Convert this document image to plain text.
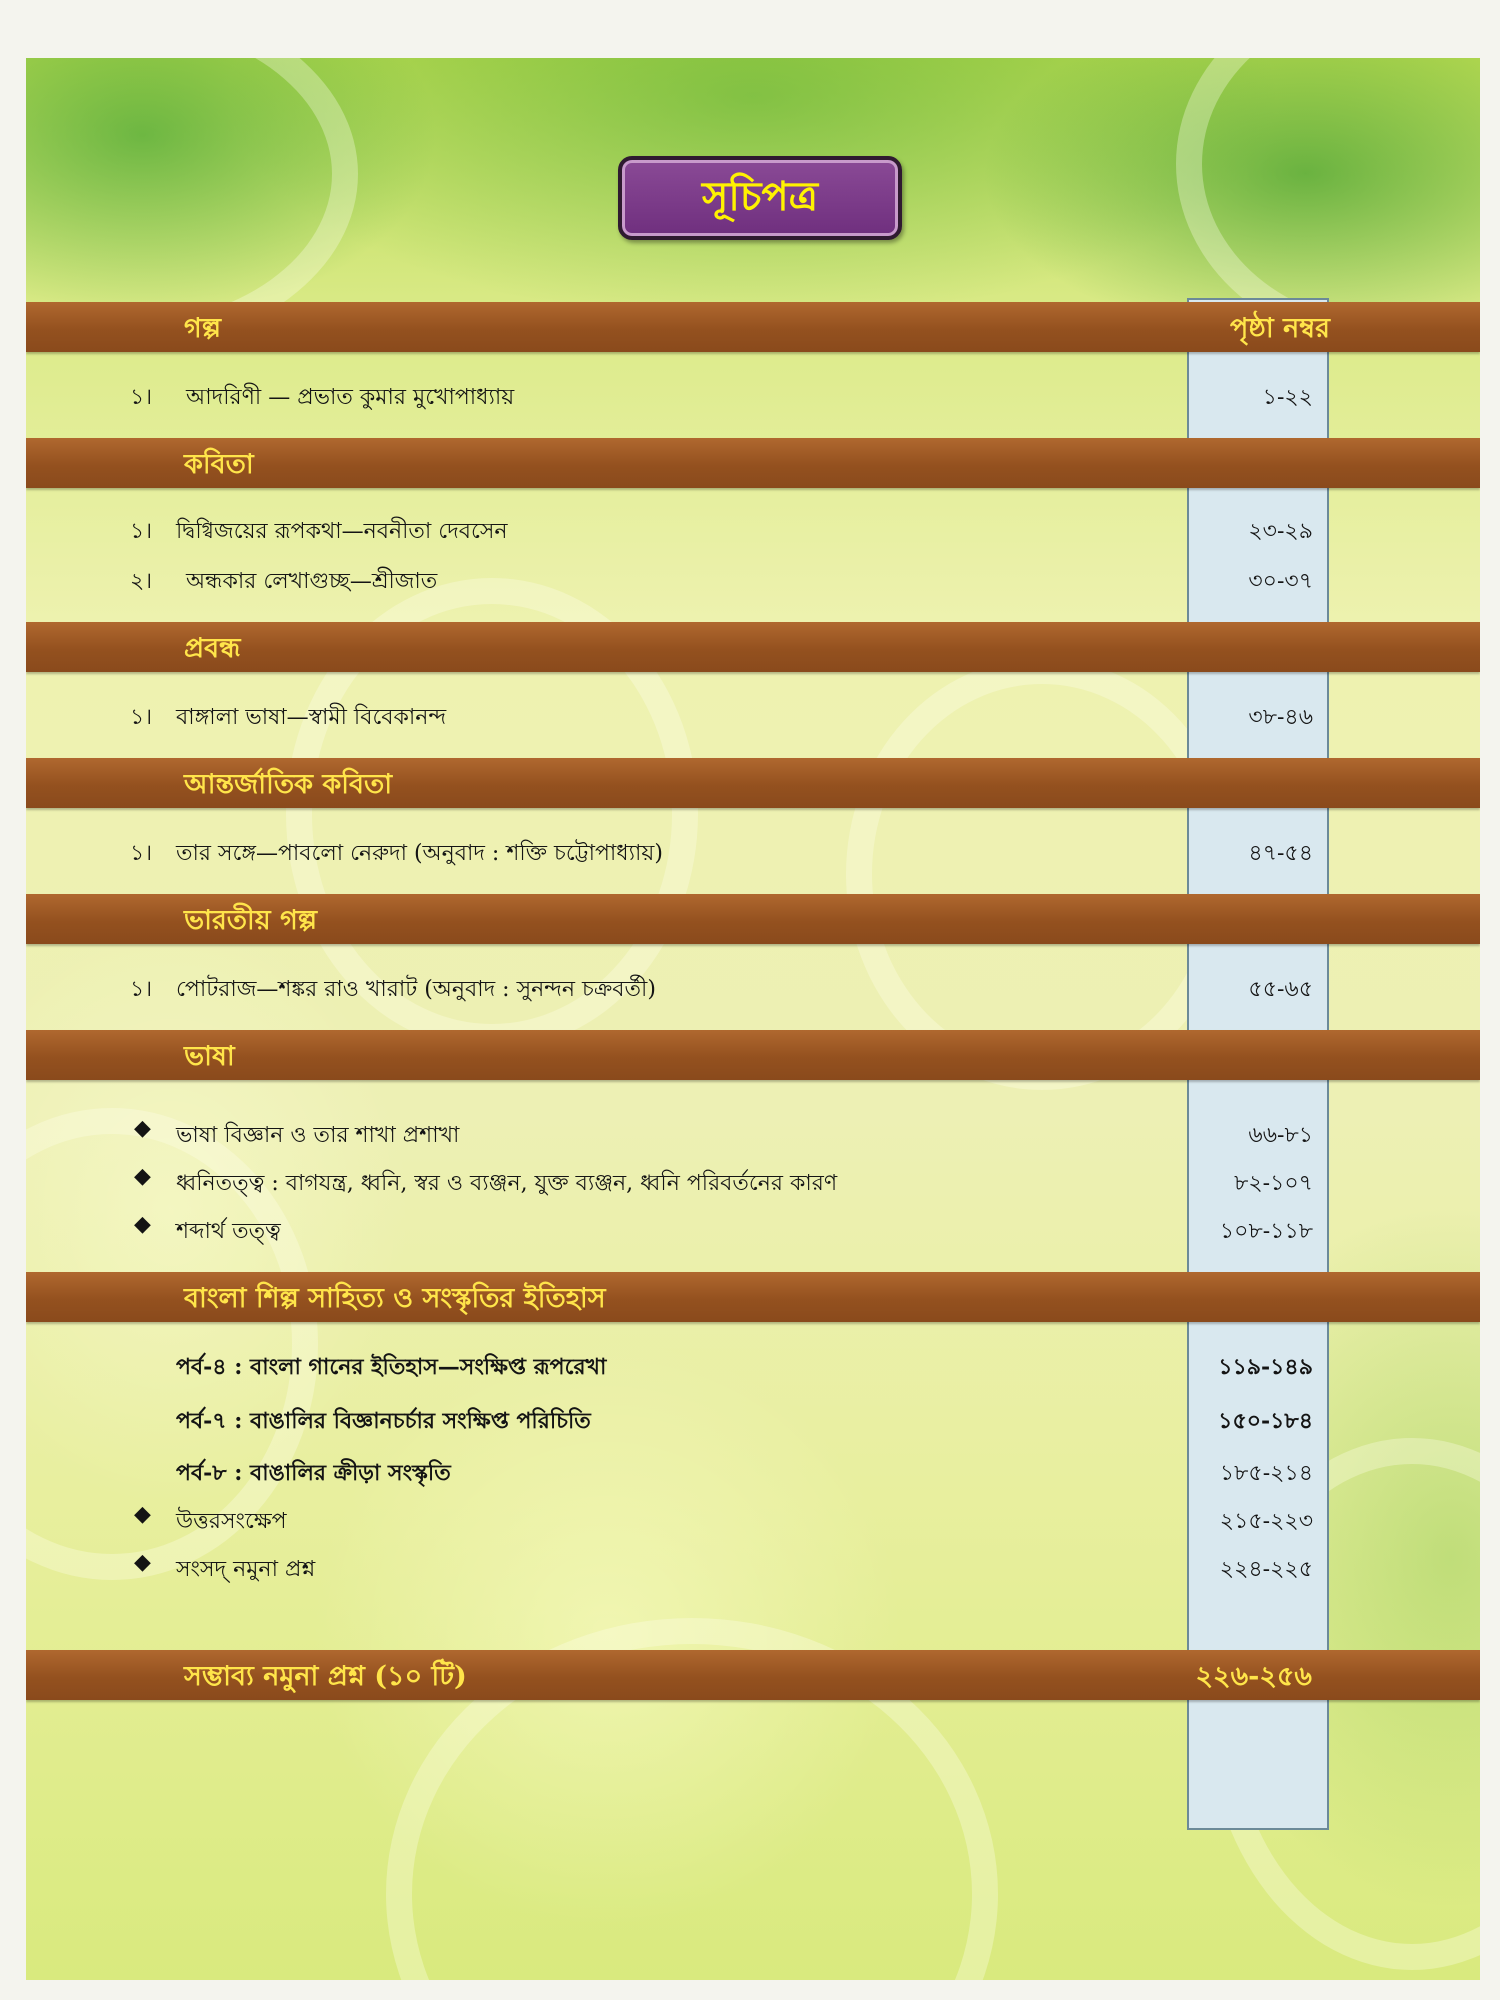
সূচিপত্র
গল্প	পৃষ্ঠা নম্বর
১। আদরিণী — প্রভাত কুমার মুখোপাধ্যায়	১-২২
কবিতা
১। দ্বিগ্বিজয়ের রূপকথা—নবনীতা দেবসেন	২৩-২৯
২। অন্ধকার লেখাগুচ্ছ—শ্রীজাত	৩০-৩৭
প্রবন্ধ
১। বাঙ্গালা ভাষা—স্বামী বিবেকানন্দ	৩৮-৪৬
আন্তর্জাতিক কবিতা
১। তার সঙ্গে—পাবলো নেরুদা (অনুবাদ : শক্তি চট্টোপাধ্যায়)	৪৭-৫৪
ভারতীয় গল্প
১। পোটরাজ—শঙ্কর রাও খারাট (অনুবাদ : সুনন্দন চক্রবর্তী)	৫৫-৬৫
ভাষা
◆ ভাষা বিজ্ঞান ও তার শাখা প্রশাখা	৬৬-৮১
◆ ধ্বনিতত্ত্ব : বাগযন্ত্র, ধ্বনি, স্বর ও ব্যঞ্জন, যুক্ত ব্যঞ্জন, ধ্বনি পরিবর্তনের কারণ	৮২-১০৭
◆ শব্দার্থ তত্ত্ব	১০৮-১১৮
বাংলা শিল্প সাহিত্য ও সংস্কৃতির ইতিহাস
পর্ব-৪ : বাংলা গানের ইতিহাস—সংক্ষিপ্ত রূপরেখা	১১৯-১৪৯
পর্ব-৭ : বাঙালির বিজ্ঞানচর্চার সংক্ষিপ্ত পরিচিতি	১৫০-১৮৪
পর্ব-৮ : বাঙালির ক্রীড়া সংস্কৃতি	১৮৫-২১৪
◆ উত্তরসংক্ষেপ	২১৫-২২৩
◆ সংসদ্ নমুনা প্রশ্ন	২২৪-২২৫
সম্ভাব্য নমুনা প্রশ্ন (১০ টি)	২২৬-২৫৬
